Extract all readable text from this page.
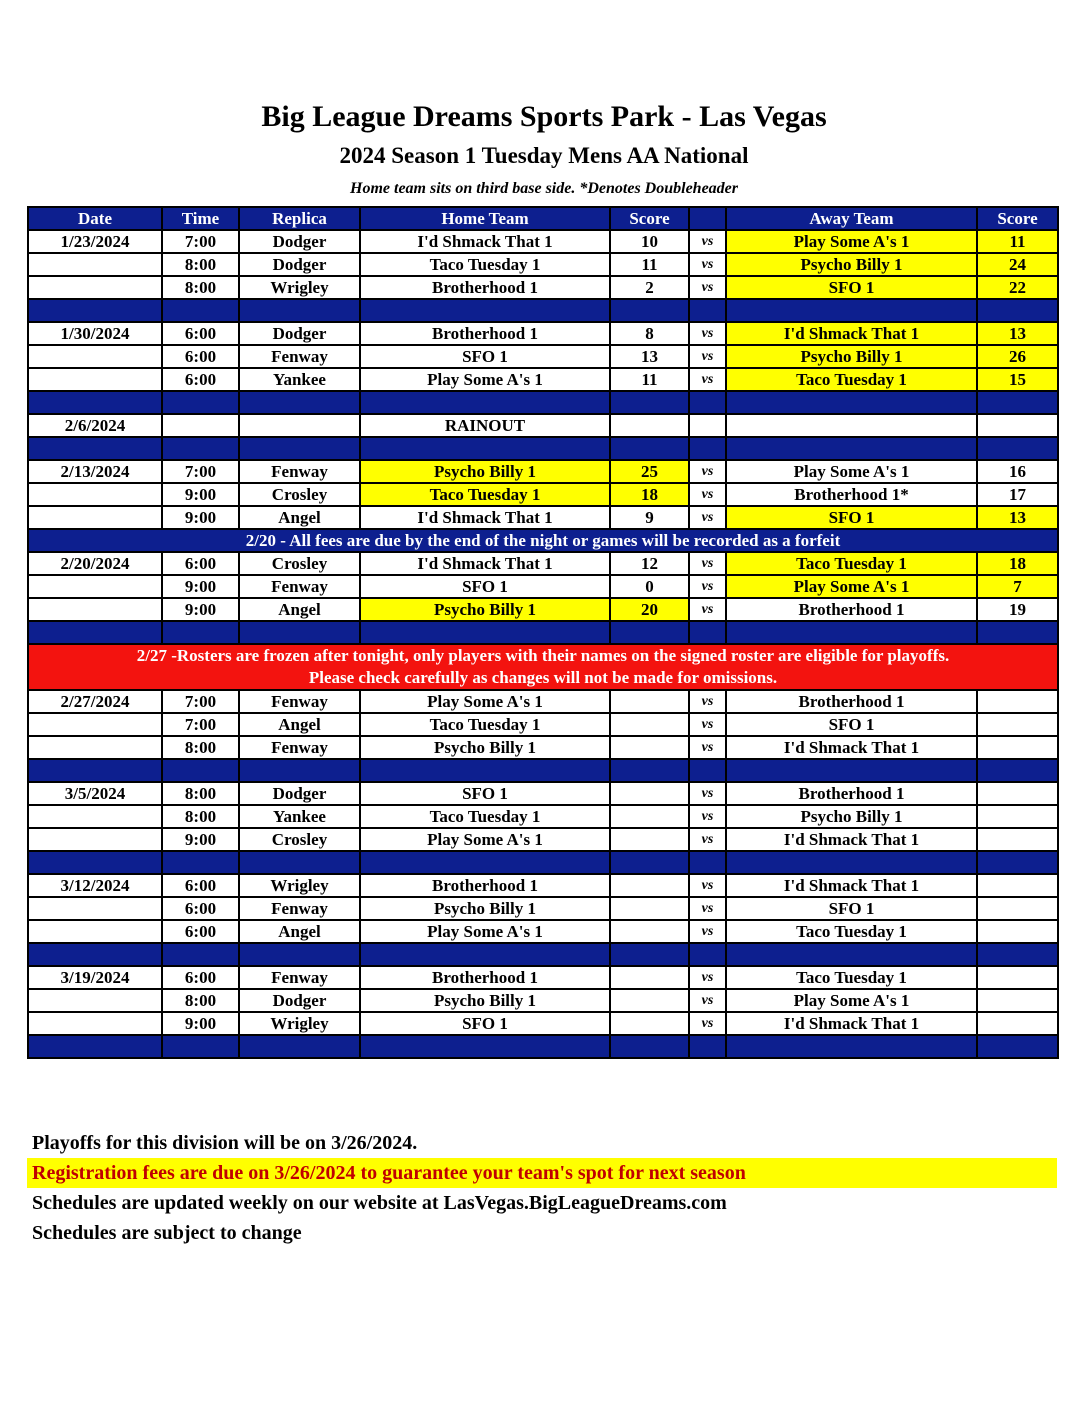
Big League Dreams Sports Park - Las Vegas
2024 Season 1 Tuesday Mens AA National
Home team sits on third base side. *Denotes Doubleheader
Date	Time	Replica	Home Team	Score		Away Team	Score
1/23/2024	7:00	Dodger	I'd Shmack That 1	10	vs	Play Some A's 1	11
	8:00	Dodger	Taco Tuesday 1	11	vs	Psycho Billy 1	24
	8:00	Wrigley	Brotherhood 1	2	vs	SFO 1	22

1/30/2024	6:00	Dodger	Brotherhood 1	8	vs	I'd Shmack That 1	13
	6:00	Fenway	SFO 1	13	vs	Psycho Billy 1	26
	6:00	Yankee	Play Some A's 1	11	vs	Taco Tuesday 1	15

2/6/2024			RAINOUT				

2/13/2024	7:00	Fenway	Psycho Billy 1	25	vs	Play Some A's 1	16
	9:00	Crosley	Taco Tuesday 1	18	vs	Brotherhood 1*	17
	9:00	Angel	I'd Shmack That 1	9	vs	SFO 1	13
2/20 - All fees are due by the end of the night or games will be recorded as a forfeit							
2/20/2024	6:00	Crosley	I'd Shmack That 1	12	vs	Taco Tuesday 1	18
	9:00	Fenway	SFO 1	0	vs	Play Some A's 1	7
	9:00	Angel	Psycho Billy 1	20	vs	Brotherhood 1	19

2/27 -Rosters are frozen after tonight, only players with their names on the signed roster are eligible for playoffs.
Please check carefully as changes will not be made for omissions.							

2/27/2024	7:00	Fenway	Play Some A's 1		vs	Brotherhood 1	
	7:00	Angel	Taco Tuesday 1		vs	SFO 1	
	8:00	Fenway	Psycho Billy 1		vs	I'd Shmack That 1	

3/5/2024	8:00	Dodger	SFO 1		vs	Brotherhood 1	
	8:00	Yankee	Taco Tuesday 1		vs	Psycho Billy 1	
	9:00	Crosley	Play Some A's 1		vs	I'd Shmack That 1	

3/12/2024	6:00	Wrigley	Brotherhood 1		vs	I'd Shmack That 1	
	6:00	Fenway	Psycho Billy 1		vs	SFO 1	
	6:00	Angel	Play Some A's 1		vs	Taco Tuesday 1	

3/19/2024	6:00	Fenway	Brotherhood 1		vs	Taco Tuesday 1	
	8:00	Dodger	Psycho Billy 1		vs	Play Some A's 1	
	9:00	Wrigley	SFO 1		vs	I'd Shmack That 1	

Playoffs for this division will be on 3/26/2024.
Registration fees are due on 3/26/2024 to guarantee your team's spot for next season
Schedules are updated weekly on our website at LasVegas.BigLeagueDreams.com
Schedules are subject to change
